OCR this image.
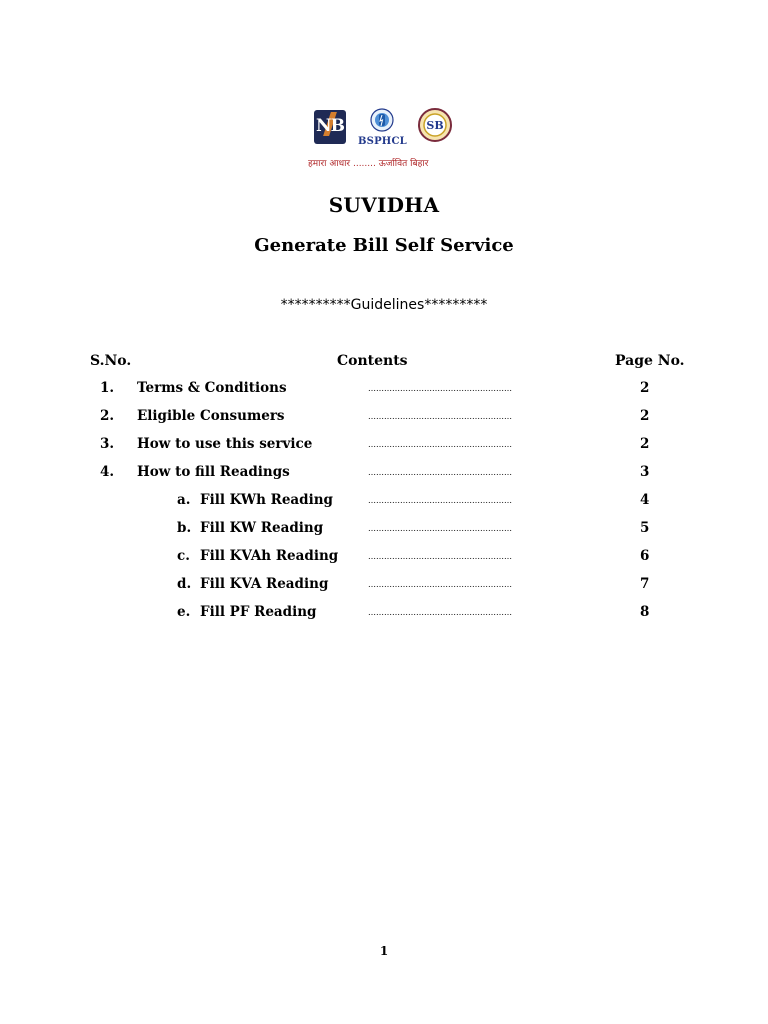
NB
BSPHCL
SB
हमारा आधार ........ ऊर्जावित बिहार
SUVIDHA
Generate Bill Self Service
**********Guidelines*********
S.No.	Contents	Page No.
1. Terms & Conditions	………………………………………………	2
2. Eligible Consumers	………………………………………………	2
3. How to use this service	………………………………………………	2
4. How to fill Readings	………………………………………………	3
a. Fill KWh Reading	………………………………………………	4
b. Fill KW Reading	………………………………………………	5
c. Fill KVAh Reading	………………………………………………	6
d. Fill KVA Reading	………………………………………………	7
e. Fill PF Reading	………………………………………………	8
1
